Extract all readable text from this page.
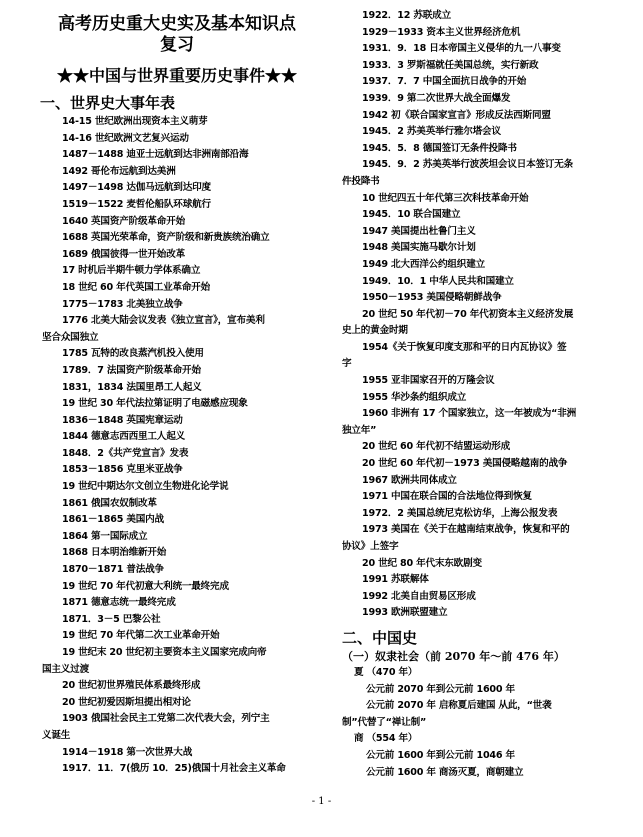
高考历史重大史实及基本知识点
复习
★★中国与世界重要历史事件★★
一、世界史大事年表
14-15 世纪欧洲出现资本主义萌芽
14-16 世纪欧洲文艺复兴运动
1487－1488 迪亚士远航到达非洲南部沿海
1492 哥伦布远航到达美洲
1497－1498 达伽马远航到达印度
1519－1522 麦哲伦船队环球航行
1640 英国资产阶级革命开始
1688 英国光荣革命，资产阶级和新贵族统治确立
1689 俄国彼得一世开始改革
17 时机后半期牛顿力学体系确立
18 世纪 60 年代英国工业革命开始
1775－1783 北美独立战争
1776 北美大陆会议发表《独立宣言》，宣布美利
坚合众国独立
1785 瓦特的改良蒸汽机投入使用
1789．7 法国资产阶级革命开始
1831，1834 法国里昂工人起义
19 世纪 30 年代法拉第证明了电磁感应现象
1836－1848 英国宪章运动
1844 德意志西西里工人起义
1848．2《共产党宣言》发表
1853－1856 克里米亚战争
19 世纪中期达尔文创立生物进化论学说
1861 俄国农奴制改革
1861－1865 美国内战
1864 第一国际成立
1868 日本明治维新开始
1870－1871 普法战争
19 世纪 70 年代初意大利统一最终完成
1871 德意志统一最终完成
1871．3－5 巴黎公社
19 世纪 70 年代第二次工业革命开始
19 世纪末 20 世纪初主要资本主义国家完成向帝
国主义过渡
20 世纪初世界殖民体系最终形成
20 世纪初爱因斯坦提出相对论
1903 俄国社会民主工党第二次代表大会，列宁主
义诞生
1914－1918 第一次世界大战
1917．11．7(俄历 10．25)俄国十月社会主义革命
1922．12 苏联成立
1929－1933 资本主义世界经济危机
1931．9．18 日本帝国主义侵华的九一八事变
1933．3 罗斯福就任美国总统，实行新政
1937．7．7 中国全面抗日战争的开始
1939．9 第二次世界大战全面爆发
1942 初《联合国家宣言》形成反法西斯同盟
1945．2 苏美英举行雅尔塔会议
1945．5．8 德国签订无条件投降书
1945．9．2 苏美英举行波茨坦会议日本签订无条
件投降书
10 世纪四五十年代第三次科技革命开始
1945．10 联合国建立
1947 美国提出杜鲁门主义
1948 美国实施马歇尔计划
1949 北大西洋公约组织建立
1949．10．1 中华人民共和国建立
1950－1953 美国侵略朝鲜战争
20 世纪 50 年代初－70 年代初资本主义经济发展
史上的黄金时期
1954《关于恢复印度支那和平的日内瓦协议》签
字
1955 亚非国家召开的万隆会议
1955 华沙条约组织成立
1960 非洲有 17 个国家独立，这一年被成为“非洲
独立年”
20 世纪 60 年代初不结盟运动形成
20 世纪 60 年代初－1973 美国侵略越南的战争
1967 欧洲共同体成立
1971 中国在联合国的合法地位得到恢复
1972．2 美国总统尼克松访华，上海公报发表
1973 美国在《关于在越南结束战争，恢复和平的
协议》上签字
20 世纪 80 年代末东欧剧变
1991 苏联解体
1992 北美自由贸易区形成
1993 欧洲联盟建立
二、中国史
（一）奴隶社会（前 2070 年～前 476 年）
夏 （470 年）
公元前 2070 年到公元前 1600 年
公元前 2070 年 启称夏后建国 从此，“世袭
制”代替了“禅让制”
商 （554 年）
公元前 1600 年到公元前 1046 年
公元前 1600 年 商汤灭夏，商朝建立
- 1 -
